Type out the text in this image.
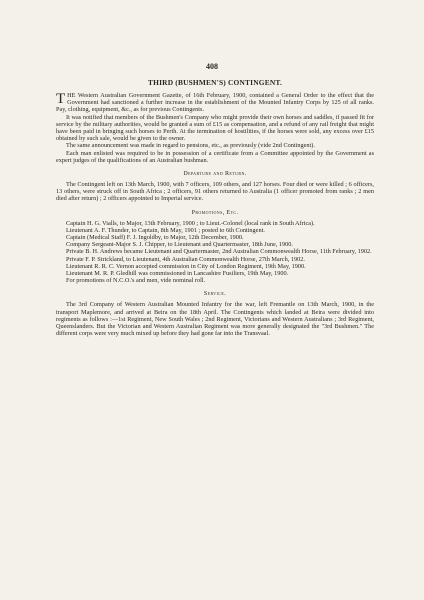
408
THIRD (BUSHMEN'S) CONTINGENT.

THE Western Australian Government Gazette, of 16th February, 1900, contained a General Order to the effect that the Government had sanctioned a further increase in the establishment of the Mounted Infantry Corps by 125 of all ranks. Pay, clothing, equipment, &c., as for previous Contingents.

It was notified that members of the Bushmen's Company who might provide their own horses and saddles, if passed fit for service by the military authorities, would be granted a sum of £15 as compensation, and a refund of any rail freight that might have been paid in bringing such horses to Perth. At the termination of hostilities, if the horses were sold, any excess over £15 obtained by such sale, would be given to the owner.

The same announcement was made in regard to pensions, etc., as previously (vide 2nd Contingent).

Each man enlisted was required to be in possession of a certificate from a Committee appointed by the Government as expert judges of the qualifications of an Australian bushman.

Departure and Return.

The Contingent left on 13th March, 1900, with 7 officers, 109 others, and 127 horses. Four died or were killed ; 6 officers, 13 others, were struck off in South Africa ; 2 officers, 91 others returned to Australia (1 officer promoted from ranks ; 2 men died after return) ; 2 officers appointed to Imperial service.

Promotions, Etc.

Captain H. G. Vialls, to Major, 13th February, 1900 ; to Lieut.-Colonel (local rank in South Africa).

Lieutenant A. F. Thunder, to Captain, 8th May, 1901 ; posted to 6th Contingent.

Captain (Medical Staff) F. J. Ingoldby, to Major, 12th December, 1900.

Company Sergeant-Major S. J. Chipper, to Lieutenant and Quartermaster, 18th June, 1900.

Private B. H. Andrews became Lieutenant and Quartermaster, 2nd Australian Commonwealth Horse, 11th February, 1902.

Private F. P. Strickland, to Lieutenant, 4th Australian Commonwealth Horse, 27th March, 1902.

Lieutenant R. R. C. Vernon accepted commission in City of London Regiment, 19th May, 1900.

Lieutenant M. R. P. Gledhill was commissioned in Lancashire Fusiliers, 19th May, 1900.

For promotions of N.C.O.'s and men, vide nominal roll.

Service.

The 3rd Company of Western Australian Mounted Infantry for the war, left Fremantle on 13th March, 1900, in the transport Maplemore, and arrived at Beira on the 18th April. The Contingents which landed at Beira were divided into regiments as follows :—1st Regiment, New South Wales ; 2nd Regiment, Victorians and Western Australians ; 3rd Regiment, Queenslanders. But the Victorian and Western Australian Regiment was more generally designated the "3rd Bushmen." The different corps were very much mixed up before they had gone far into the Transvaal.
